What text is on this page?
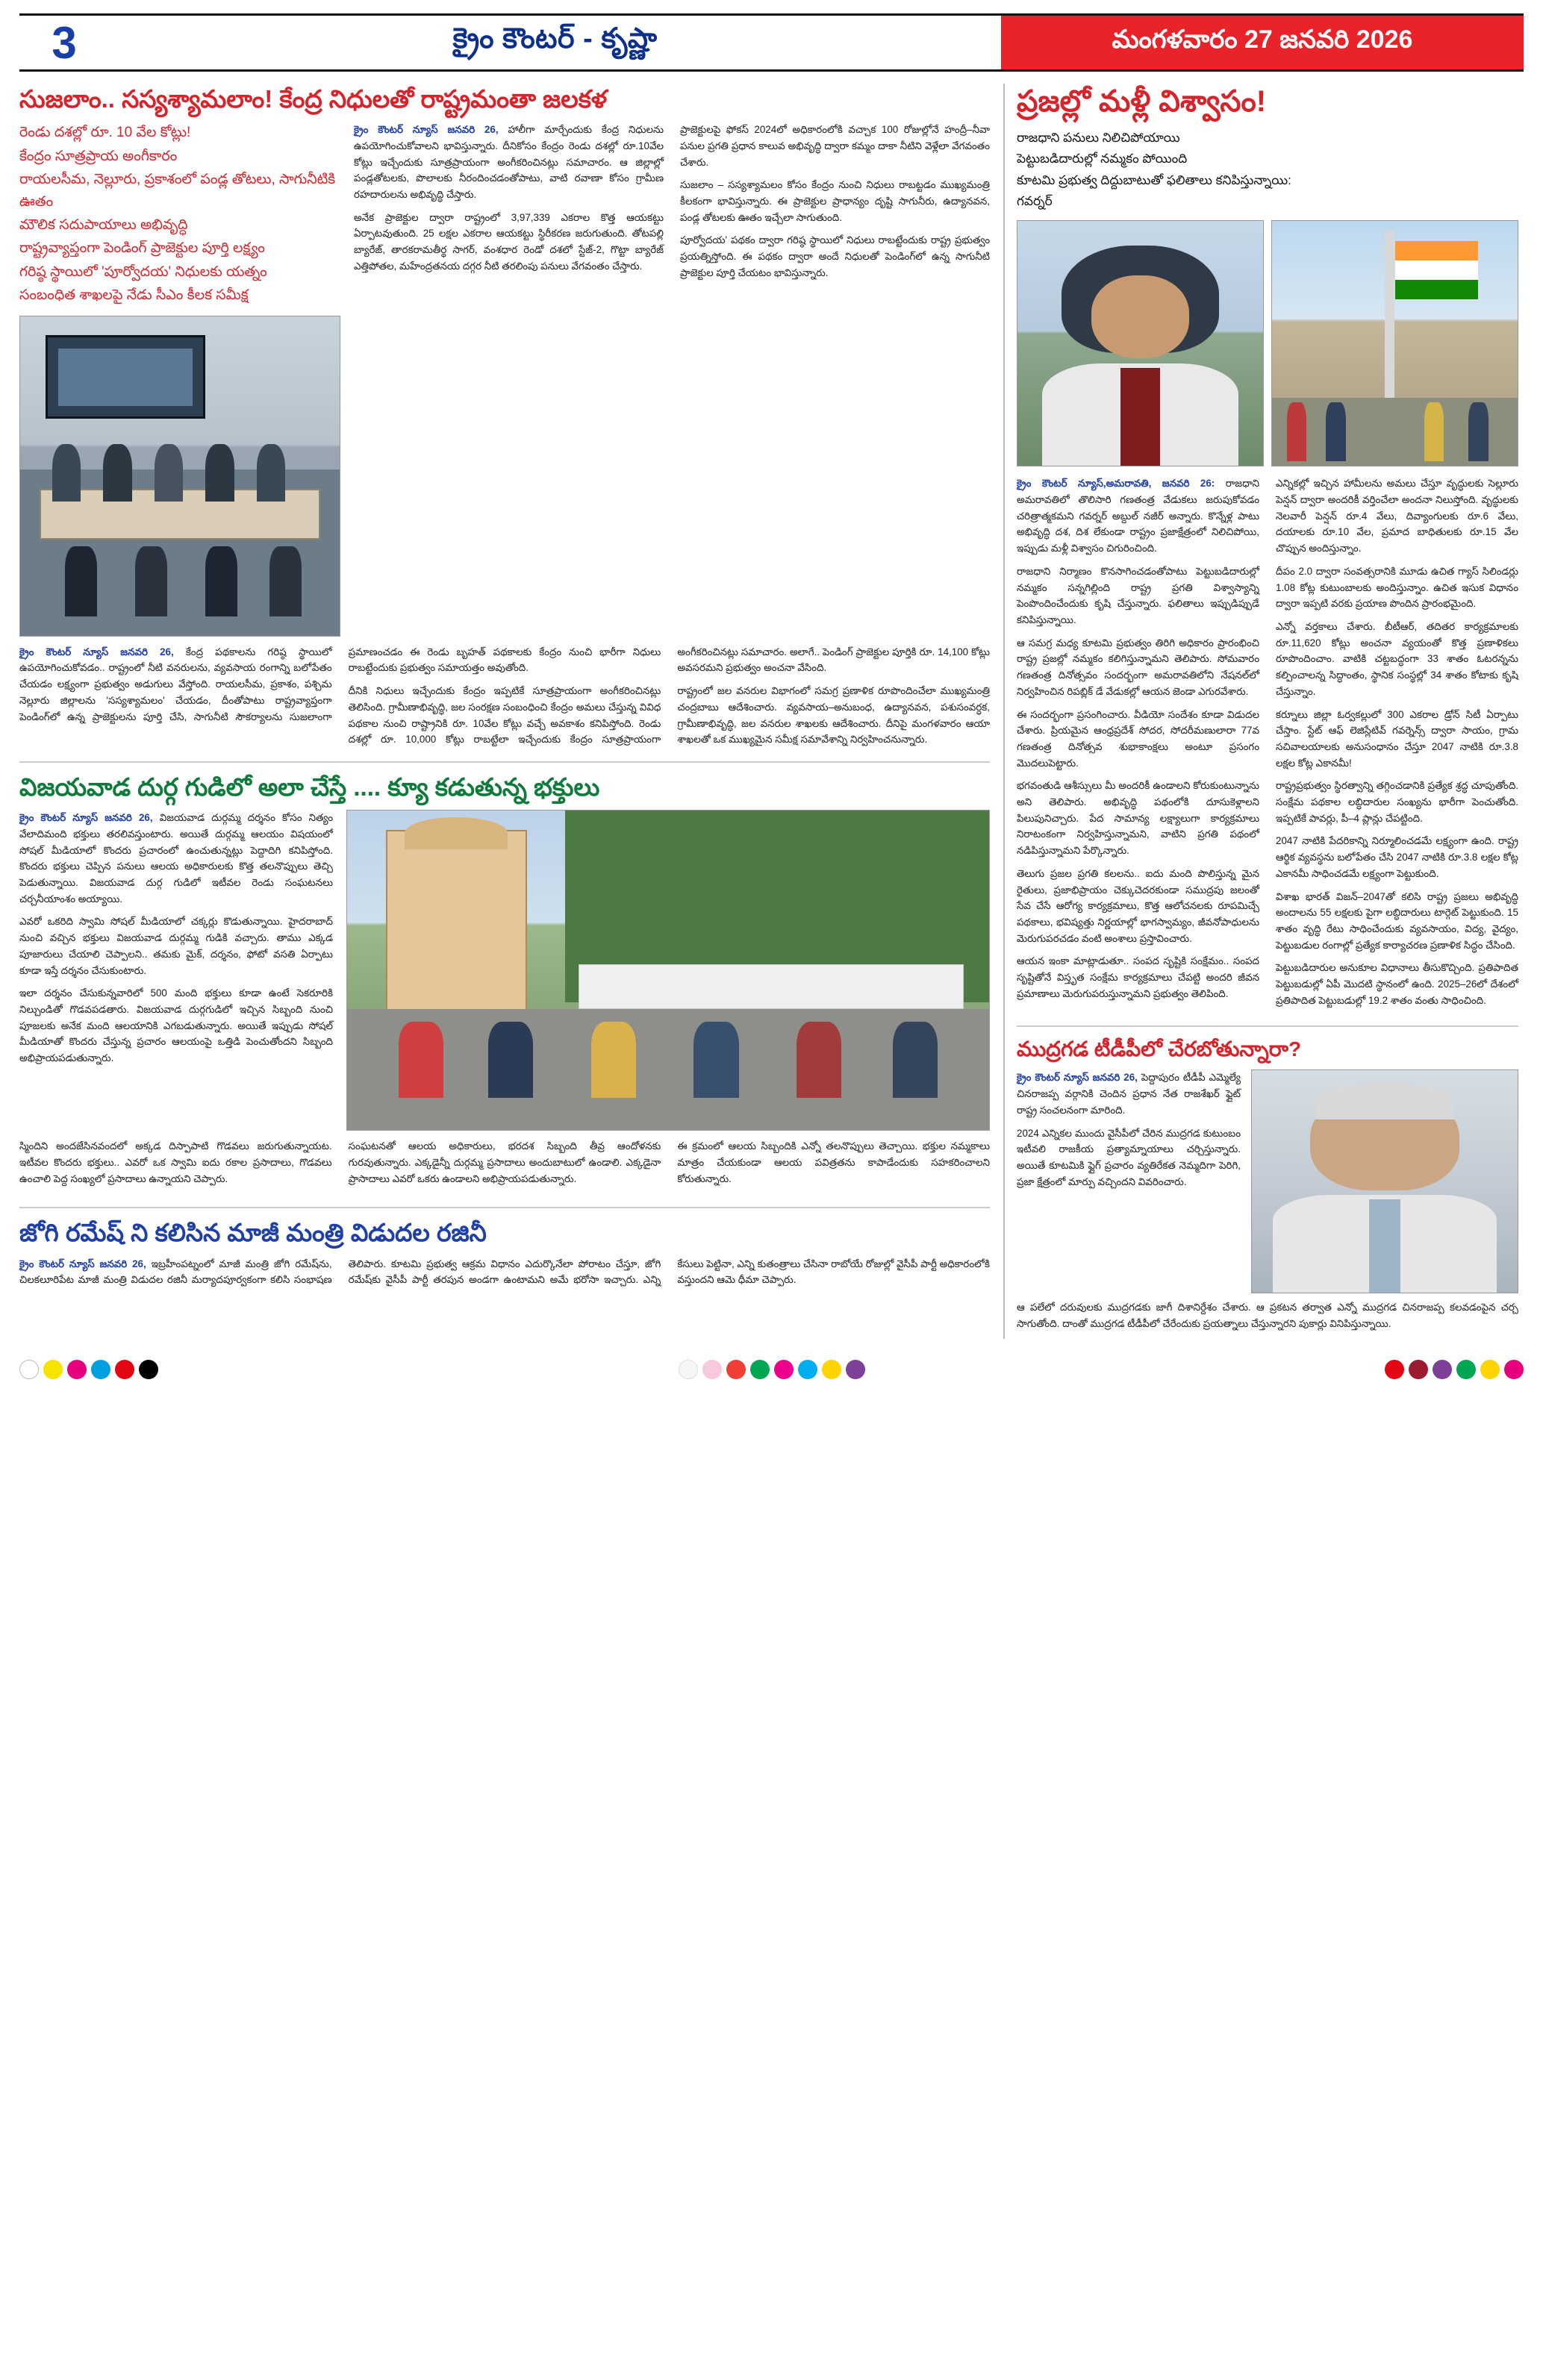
3	క్రైం కౌంటర్ - కృష్ణా	మంగళవారం 27 జనవరి 2026
సుజలాం.. సస్యశ్యామలాం! కేంద్ర నిధులతో రాష్ట్రమంతా జలకళ
రెండు దశల్లో రూ. 10 వేల కోట్లు!
కేంద్రం సూత్రప్రాయ అంగీకారం
రాయలసీమ, నెల్లూరు, ప్రకాశంలో పండ్ల తోటలు, సాగునీటికి ఊతం
మౌలిక సదుపాయాలు అభివృద్ధి
రాష్ట్రవ్యాప్తంగా పెండింగ్ ప్రాజెక్టుల పూర్తి లక్ష్యం
గరిష్ఠ స్థాయిలో 'పూర్వోదయ' నిధులకు యత్నం
సంబంధిత శాఖలపై నేడు సీఎం కీలక సమీక్ష

క్రైం కౌంటర్ న్యూస్ జనవరి 26, హాలీగా మార్చేందుకు కేంద్ర నిధులను ఉపయోగించుకోవాలని భావిస్తున్నారు. దీనికోసం కేంద్రం రెండు దశల్లో రూ.10వేల కోట్లు ఇచ్చేందుకు సూత్రప్రాయంగా అంగీకరించినట్లు సమాచారం. ఆ జిల్లాల్లో పండ్లతోటలకు, పొలాలకు నీరందించడంతోపాటు, వాటి రవాణా కోసం గ్రామీణ రహదారులను అభివృద్ధి చేస్తారు.

అనేక ప్రాజెక్టుల ద్వారా రాష్ట్రంలో 3,97,339 ఎకరాల కొత్త ఆయకట్టు ఏర్పాటవుతుంది. 25 లక్షల ఎకరాల ఆయకట్టు స్థిరీకరణ జరుగుతుంది. తోటపల్లి బ్యారేజ్, తారకరామతీర్థ సాగర్, వంశధార రెండో దశలో స్టేజ్-2, గొట్టా బ్యారేజ్ ఎత్తిపోతల, మహేంద్రతనయ దగ్గర నీటి తరలింపు పనులు వేగవంతం చేస్తారు.

ప్రాజెక్టులపై ఫోకస్ 2024లో అధికారంలోకి వచ్చాక 100 రోజుల్లోనే హంద్రీ–నీవా పనుల ప్రగతి ప్రధాన కాలువ అభివృద్ధి ద్వారా కమ్మం దాకా నీటిని వెళ్లేలా వేగవంతం చేశారు.

సుజలాం – సస్యశ్యామలం కోసం కేంద్రం నుంచి నిధులు రాబట్టడం ముఖ్యమంత్రి కీలకంగా భావిస్తున్నారు. ఈ ప్రాజెక్టుల ప్రాధాన్యం దృష్టి సాగునీరు, ఉద్యానవన, పండ్ల తోటలకు ఊతం ఇచ్చేలా సాగుతుంది.

పూర్వోదయ' పథకం ద్వారా గరిష్ఠ స్థాయిలో నిధులు రాబట్టేందుకు రాష్ట్ర ప్రభుత్వం ప్రయత్నిస్తోంది. ఈ పథకం ద్వారా అందే నిధులతో పెండింగ్‌లో ఉన్న సాగునీటి ప్రాజెక్టుల పూర్తి చేయటం భావిస్తున్నారు.

క్రైం కౌంటర్ న్యూస్ జనవరి 26, కేంద్ర పథకాలను గరిష్ఠ స్థాయిలో ఉపయోగించుకోవడం.. రాష్ట్రంలో నీటి వనరులను, వ్యవసాయ రంగాన్ని బలోపేతం చేయడం లక్ష్యంగా ప్రభుత్వం అడుగులు వేస్తోంది. రాయలసీమ, ప్రకాశం, పశ్చిమ నెల్లూరు జిల్లాలను 'సస్యశ్యామలం' చేయడం, దీంతోపాటు రాష్ట్రవ్యాప్తంగా పెండింగ్‌లో ఉన్న ప్రాజెక్టులను పూర్తి చేసి, సాగునీటి సౌకర్యాలను సుజలాంగా ప్రమాణంచడం ఈ రెండు బృహత్ పథకాలకు కేంద్రం నుంచి భారీగా నిధులు రాబట్టేందుకు ప్రభుత్వం సమాయత్తం అవుతోంది.

దీనికి నిధులు ఇచ్చేందుకు కేంద్రం ఇప్పటికే సూత్రప్రాయంగా అంగీకరించినట్లు తెలిసింది. గ్రామీణాభివృద్ధి, జల సంరక్షణ సంబంధించి కేంద్రం అమలు చేస్తున్న వివిధ పథకాల నుంచి రాష్ట్రానికి రూ. 10వేల కోట్లు వచ్చే అవకాశం కనిపిస్తోంది. రెండు దశల్లో రూ. 10,000 కోట్లు రాబట్టేలా ఇచ్చేందుకు కేంద్రం సూత్రప్రాయంగా అంగీకరించినట్లు సమాచారం. అలాగే.. పెండింగ్ ప్రాజెక్టుల పూర్తికి రూ. 14,100 కోట్లు అవసరమని ప్రభుత్వం అంచనా వేసింది.

రాష్ట్రంలో జల వనరుల విభాగంలో సమగ్ర ప్రణాళిక రూపొందించేలా ముఖ్యమంత్రి చంద్రబాబు ఆదేశించారు. వ్యవసాయ–అనుబంధ, ఉద్యానవన, పశుసంవర్ధక, గ్రామీణాభివృద్ధి, జల వనరుల శాఖలకు ఆదేశించారు. దీనిపై మంగళవారం ఆయా శాఖలతో ఒక ముఖ్యమైన సమీక్ష సమావేశాన్ని నిర్వహించనున్నారు.

విజయవాడ దుర్గ గుడిలో అలా చేస్తే .... క్యూ కడుతున్న భక్తులు

క్రైం కౌంటర్ న్యూస్ జనవరి 26, విజయవాడ దుర్గమ్మ దర్శనం కోసం నిత్యం వేలాదిమంది భక్తులు తరలివస్తుంటారు. అయితే దుర్గమ్మ ఆలయం విషయంలో సోషల్ మీడియాలో కొందరు ప్రచారంలో ఉంచుతున్నట్లు పెద్దాదిగి కనిపిస్తోంది. కొందరు భక్తులు చెప్పిన పనులు ఆలయ అధికారులకు కొత్త తలనొప్పులు తెచ్చి పెడుతున్నాయి. విజయవాడ దుర్గ గుడిలో ఇటీవల రెండు సంఘటనలు చర్చనీయాంశం అయ్యాయి.

ఎవరో ఒకరిది స్వామి సోషల్ మీడియాలో చక్కర్లు కొడుతున్నాయి. హైదరాబాద్ నుంచి వచ్చిన భక్తులు విజయవాడ దుర్గమ్మ గుడికి వచ్చారు. తాము ఎక్కడ పూజారులు చేయాలి చెప్పాలని.. తమకు మైక్, దర్శనం, ఫోటో వసతి ఏర్పాటు కూడా ఇస్తే దర్శనం చేసుకుంటారు.

ఇలా దర్శనం చేసుకున్నవారిలో 500 మంది భక్తులు కూడా ఉంటే సెకరూరికి నిల్చుండితో గొడవపడతారు. విజయవాడ దుర్గగుడిలో ఇచ్చిన సిబ్బంది నుంచి పూజలకు అనేక మంది ఆలయానికి ఎగబడుతున్నారు. అయితే ఇప్పుడు సోషల్ మీడియాతో కొందరు చేస్తున్న ప్రచారం ఆలయంపై ఒత్తిడి పెంచుతోందని సిబ్బంది అభిప్రాయపడుతున్నారు.

స్మిందిని అందజేసినవందలో అక్కడ దిస్పాపాటి గొడవలు జరుగుతున్నాయట. ఇటీవల కొందరు భక్తులు.. ఎవరో ఒక స్వామి ఐదు రకాల ప్రసాదాలు, గొడవలు ఉంచాలి పెద్ద సంఖ్యలో ప్రసాదాలు ఉన్నాయని చెప్పారు.

సంఘటనతో ఆలయ అధికారులు, భరదశ సిబ్బంది తీవ్ర ఆందోళనకు గురవుతున్నారు. ఎక్కడైన్నీ దుర్గమ్మ ప్రసాదాలు అందుబాటులో ఉండాలి. ఎక్కడైనా ప్రాసాదాలు ఎవరో ఒకరు ఉండాలని అభిప్రాయపడుతున్నారు.

ఈ క్రమంలో ఆలయ సిబ్బందికి ఎన్నో తలనొప్పులు తెచ్చాయి. భక్తుల నమ్మకాలు మాత్రం చేయకుండా ఆలయ పవిత్రతను కాపాడేందుకు సహకరించాలని కోరుతున్నారు.

జోగి రమేష్ ని కలిసిన మాజీ మంత్రి విడుదల రజినీ

క్రైం కౌంటర్ న్యూస్ జనవరి 26, ఇబ్రహీంపట్నంలో మాజీ మంత్రి జోగి రమేష్‌ను, చిలకలూరిపేట మాజీ మంత్రి విడుదల రజినీ మర్యాదపూర్వకంగా కలిసి సంభాషణ తెలిపారు. కూటమి ప్రభుత్వ ఆక్రమ విధానం ఎదుర్కొనేలా పోరాటం చేస్తూ, జోగి రమేష్‌కు వైసీపీ పార్టీ తరపున అండగా ఉంటామని అమే భరోసా ఇచ్చారు. ఎన్ని కేసులు పెట్టినా, ఎన్ని కుతంత్రాలు చేసినా రాబోయే రోజుల్లో వైసీపీ పార్టీ అధికారంలోకి వస్తుందని ఆమె ధీమా చెప్పారు.

ప్రజల్లో మళ్లీ విశ్వాసం!
రాజధాని పనులు నిలిచిపోయాయి
పెట్టుబడిదారుల్లో నమ్మకం పోయింది
కూటమి ప్రభుత్వ దిద్దుబాటుతో ఫలితాలు కనిపిస్తున్నాయి:
గవర్నర్

క్రైం కౌంటర్ న్యూస్,అమరావతి, జనవరి 26: రాజధాని అమరావతిలో తొలిసారి గణతంత్ర వేడుకలు జరుపుకోవడం చరిత్రాత్మకమని గవర్నర్ అబ్దుల్ నజీర్ అన్నారు. కొన్నేళ్ల పాటు అభివృద్ధి దశ, దిశ లేకుండా రాష్ట్రం ప్రజాక్షేత్రంలో నిలిచిపోయి, ఇప్పుడు మళ్లీ విశ్వాసం చిగురించింది.

రాజధాని నిర్మాణం కొనసాగించడంతోపాటు పెట్టుబడిదారుల్లో నమ్మకం సన్నగిల్లింది రాష్ట్ర ప్రగతి విశ్వాస్యాన్ని పెంపొందించేందుకు కృషి చేస్తున్నారు. ఫలితాలు ఇప్పుడిప్పుడే కనిపిస్తున్నాయి.

ఆ సమగ్ర మధ్య కూటమి ప్రభుత్వం తిరిగి అధికారం ప్రారంభించి రాష్ట్ర ప్రజల్లో నమ్మకం కలిగిస్తున్నామని తెలిపారు. సోమవారం గణతంత్ర దినోత్సవం సందర్భంగా అమరావతిలోని నేషనల్‌లో నిర్వహించిన రిపబ్లిక్ డే వేడుకల్లో ఆయన జెండా ఎగురవేశారు.

ఈ సందర్భంగా ప్రసంగించారు. వీడియో సందేశం కూడా విడుదల చేశారు. ప్రియమైన ఆంధ్రప్రదేశ్ సోదర, సోదరీమణులారా 77వ గణతంత్ర దినోత్సవ శుభాకాంక్షలు అంటూ ప్రసంగం మొదలుపెట్టారు.

భగవంతుడి ఆశీస్సులు మీ అందరికీ ఉండాలని కోరుకుంటున్నాను అని తెలిపారు. అభివృద్ధి పథంలోకి దూసుకెళ్లాలని పిలుపునిచ్చారు. పేద సామాన్య లక్ష్యాలుగా కార్యక్రమాలు నిరాటంకంగా నిర్వహిస్తున్నామని, వాటిని ప్రగతి పథంలో నడిపిస్తున్నామని పేర్కొన్నారు.

తెలుగు ప్రజల ప్రగతి కలలను.. ఐదు మంది పొలిస్తున్న మైన రైతులు, ప్రజాభిప్రాయం చెక్కుచెదరకుండా సముద్రపు జలంతో సేవ చేసే ఆరోగ్య కార్యక్రమాలు, కొత్త ఆలోచనలకు రూపమిచ్చే పథకాలు, భవిష్యత్తు నిర్ణయాల్లో భాగస్వామ్యం, జీవనోపాధులను మెరుగుపరచడం వంటి అంశాలు ప్రస్తావించారు.

ఆయన ఇంకా మాట్లాడుతూ.. సంపద సృష్టికి సంక్షేమం.. సంపద సృష్టితోనే విస్తృత సంక్షేమ కార్యక్రమాలు చేపట్టి అందరి జీవన ప్రమాణాలు మెరుగుపరుస్తున్నామని ప్రభుత్వం తెలిపింది.

ఎన్నికల్లో ఇచ్చిన హామీలను అమలు చేస్తూ వృద్ధులకు సెల్లూరు పెన్షన్ ద్వారా అందరికీ వర్తించేలా అందనా నిలుస్తోంది. వృద్ధులకు నెలవారీ పెన్షన్ రూ.4 వేలు, దివ్యాంగులకు రూ.6 వేలు, దయాలకు రూ.10 వేల, ప్రమాద బాధితులకు రూ.15 వేల చొప్పున అందిస్తున్నాం.

దీపం 2.0 ద్వారా సంవత్సరానికి మూడు ఉచిత గ్యాస్ సిలిండర్లు 1.08 కోట్ల కుటుంబాలకు అందిస్తున్నాం. ఉచిత ఇసుక విధానం ద్వారా ఇప్పటి వరకు ప్రయాణ పొందిన ప్రారంభమైంది.

ఎన్నో వర్తకాలు చేశారు. బీటీఆర్, తదితర కార్యక్రమాలకు రూ.11,620 కోట్లు అంచనా వ్యయంతో కొత్త ప్రణాళికలు రూపొందించాం. వాటికి చట్టబద్ధంగా 33 శాతం ఓటరన్నను కల్పించాలన్న సిద్ధాంతం, స్థానిక సంస్థల్లో 34 శాతం కోటాకు కృషి చేస్తున్నాం.

కర్నూలు జిల్లా ఓర్వకల్లులో 300 ఎకరాల డ్రోన్ సిటీ ఏర్పాటు చేస్తాం. స్టేట్ ఆఫ్ లెజిస్లేటివ్ గవర్నెన్స్ ద్వారా సాయం, గ్రామ సచివాలయాలకు అనుసంధానం చేస్తూ 2047 నాటికి రూ.3.8 లక్షల కోట్ల ఎకానమీ!

రాష్ట్రప్రభుత్వం స్థిరత్వాన్ని తగ్గించడానికి ప్రత్యేక శ్రద్ధ చూపుతోంది. సంక్షేమ పథకాల లబ్ధిదారుల సంఖ్యను భారీగా పెంచుతోంది. ఇప్పటికే పావర్లు, పీ–4 ప్లాన్లు చేపట్టింది.

2047 నాటికి పేదరికాన్ని నిర్మూలించడమే లక్ష్యంగా ఉంది. రాష్ట్ర ఆర్థిక వ్యవస్థను బలోపేతం చేసి 2047 నాటికి రూ.3.8 లక్షల కోట్ల ఎకానమీ సాధించడమే లక్ష్యంగా పెట్టుకుంది.

విశాఖ భారత్ విజన్–2047తో కలిసి రాష్ట్ర ప్రజలు అభివృద్ధి అందాలను 55 లక్షలకు పైగా లబ్ధిదారులు టార్గెట్ పెట్టుకుంది. 15 శాతం వృద్ధి రేటు సాధించేందుకు వ్యవసాయం, విద్య, వైద్యం, పెట్టుబడుల రంగాల్లో ప్రత్యేక కార్యాచరణ ప్రణాళిక సిద్ధం చేసింది.

పెట్టుబడిదారుల అనుకూల విధానాలు తీసుకొచ్చింది. ప్రతిపాదిత పెట్టుబడుల్లో ఏపీ మొదటి స్థానంలో ఉంది. 2025–26లో దేశంలో ప్రతిపాదిత పెట్టుబడుల్లో 19.2 శాతం వంతు సాధించింది.

ముద్రగడ టీడీపీలో చేరబోతున్నారా?

క్రైం కౌంటర్ న్యూస్ జనవరి 26, పెద్దాపురం టీడీపీ ఎమ్మెల్యే చినరాజప్ప వర్గానికి చెందిన ప్రధాన నేత రాజశేఖర్ ఫ్లైట్ రాష్ట్ర సంచలనంగా మారింది.

2024 ఎన్నికల ముందు వైసీపీలో చేరిన ముద్రగడ కుటుంబం ఇటీవలి రాజకీయ ప్రత్యామ్నాయాలు చర్చిస్తున్నారు. అయితే కూటమికి ఫ్లైగ్ ప్రచారం వ్యతిరేకత నెమ్మదిగా పెరిగి, ప్రజా క్షేత్రంలో మార్పు వచ్చిందని వివరించారు.

ఆ పలేలో దరువులకు ముద్రగడకు జాగీ దిశానిర్దేశం చేశారు. ఆ ప్రకటన తర్వాత ఎన్నో ముద్రగడ చినరాజప్ప కలవడంపైన చర్చ సాగుతోంది. దాంతో ముద్రగడ టీడీపీలో చేరేందుకు ప్రయత్నాలు చేస్తున్నారని పుకార్లు వినిపిస్తున్నాయి.
